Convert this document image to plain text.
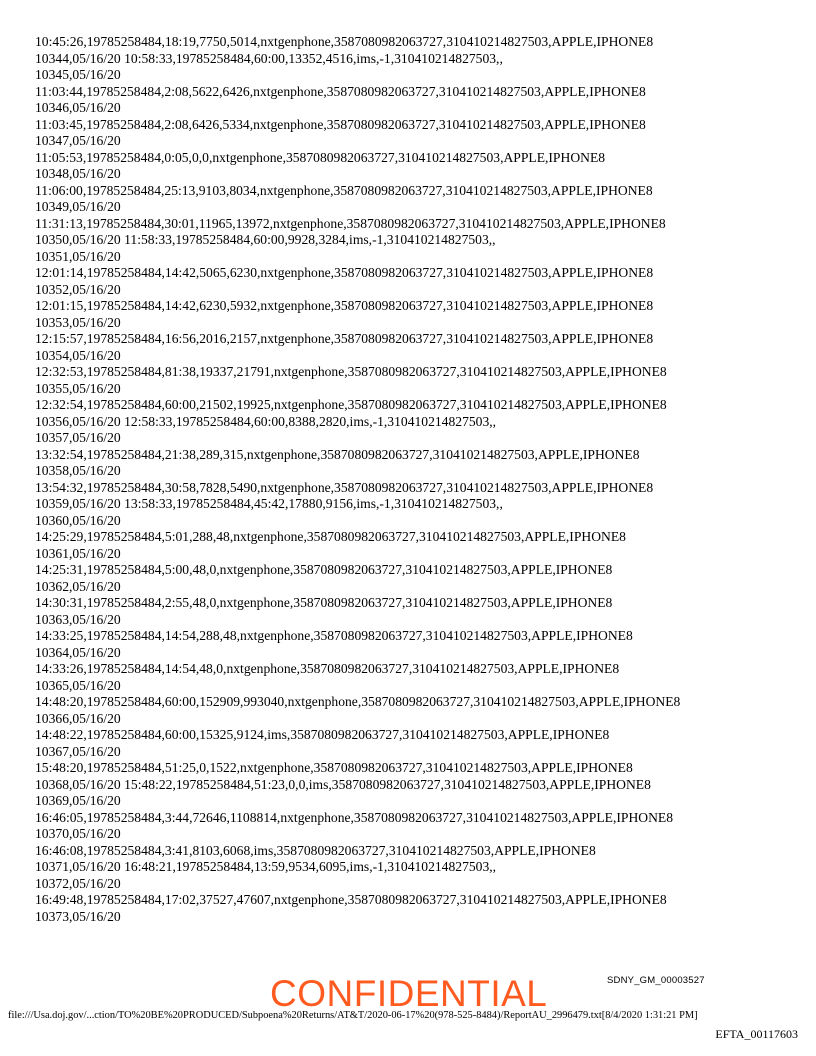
10:45:26,19785258484,18:19,7750,5014,nxtgenphone,3587080982063727,310410214827503,APPLE,IPHONE8
10344,05/16/20 10:58:33,19785258484,60:00,13352,4516,ims,-1,310410214827503,,
10345,05/16/20
11:03:44,19785258484,2:08,5622,6426,nxtgenphone,3587080982063727,310410214827503,APPLE,IPHONE8
10346,05/16/20
11:03:45,19785258484,2:08,6426,5334,nxtgenphone,3587080982063727,310410214827503,APPLE,IPHONE8
10347,05/16/20
11:05:53,19785258484,0:05,0,0,nxtgenphone,3587080982063727,310410214827503,APPLE,IPHONE8
10348,05/16/20
11:06:00,19785258484,25:13,9103,8034,nxtgenphone,3587080982063727,310410214827503,APPLE,IPHONE8
10349,05/16/20
11:31:13,19785258484,30:01,11965,13972,nxtgenphone,3587080982063727,310410214827503,APPLE,IPHONE8
10350,05/16/20 11:58:33,19785258484,60:00,9928,3284,ims,-1,310410214827503,,
10351,05/16/20
12:01:14,19785258484,14:42,5065,6230,nxtgenphone,3587080982063727,310410214827503,APPLE,IPHONE8
10352,05/16/20
12:01:15,19785258484,14:42,6230,5932,nxtgenphone,3587080982063727,310410214827503,APPLE,IPHONE8
10353,05/16/20
12:15:57,19785258484,16:56,2016,2157,nxtgenphone,3587080982063727,310410214827503,APPLE,IPHONE8
10354,05/16/20
12:32:53,19785258484,81:38,19337,21791,nxtgenphone,3587080982063727,310410214827503,APPLE,IPHONE8
10355,05/16/20
12:32:54,19785258484,60:00,21502,19925,nxtgenphone,3587080982063727,310410214827503,APPLE,IPHONE8
10356,05/16/20 12:58:33,19785258484,60:00,8388,2820,ims,-1,310410214827503,,
10357,05/16/20
13:32:54,19785258484,21:38,289,315,nxtgenphone,3587080982063727,310410214827503,APPLE,IPHONE8
10358,05/16/20
13:54:32,19785258484,30:58,7828,5490,nxtgenphone,3587080982063727,310410214827503,APPLE,IPHONE8
10359,05/16/20 13:58:33,19785258484,45:42,17880,9156,ims,-1,310410214827503,,
10360,05/16/20
14:25:29,19785258484,5:01,288,48,nxtgenphone,3587080982063727,310410214827503,APPLE,IPHONE8
10361,05/16/20
14:25:31,19785258484,5:00,48,0,nxtgenphone,3587080982063727,310410214827503,APPLE,IPHONE8
10362,05/16/20
14:30:31,19785258484,2:55,48,0,nxtgenphone,3587080982063727,310410214827503,APPLE,IPHONE8
10363,05/16/20
14:33:25,19785258484,14:54,288,48,nxtgenphone,3587080982063727,310410214827503,APPLE,IPHONE8
10364,05/16/20
14:33:26,19785258484,14:54,48,0,nxtgenphone,3587080982063727,310410214827503,APPLE,IPHONE8
10365,05/16/20
14:48:20,19785258484,60:00,152909,993040,nxtgenphone,3587080982063727,310410214827503,APPLE,IPHONE8
10366,05/16/20
14:48:22,19785258484,60:00,15325,9124,ims,3587080982063727,310410214827503,APPLE,IPHONE8
10367,05/16/20
15:48:20,19785258484,51:25,0,1522,nxtgenphone,3587080982063727,310410214827503,APPLE,IPHONE8
10368,05/16/20 15:48:22,19785258484,51:23,0,0,ims,3587080982063727,310410214827503,APPLE,IPHONE8
10369,05/16/20
16:46:05,19785258484,3:44,72646,1108814,nxtgenphone,3587080982063727,310410214827503,APPLE,IPHONE8
10370,05/16/20
16:46:08,19785258484,3:41,8103,6068,ims,3587080982063727,310410214827503,APPLE,IPHONE8
10371,05/16/20 16:48:21,19785258484,13:59,9534,6095,ims,-1,310410214827503,,
10372,05/16/20
16:49:48,19785258484,17:02,37527,47607,nxtgenphone,3587080982063727,310410214827503,APPLE,IPHONE8
10373,05/16/20
CONFIDENTIAL	SDNY_GM_00003527
file:///Usa.doj.gov/...ction/TO%20BE%20PRODUCED/Subpoena%20Returns/AT&T/2020-06-17%20(978-525-8484)/ReportAU_2996479.txt[8/4/2020 1:31:21 PM]
EFTA_00117603
